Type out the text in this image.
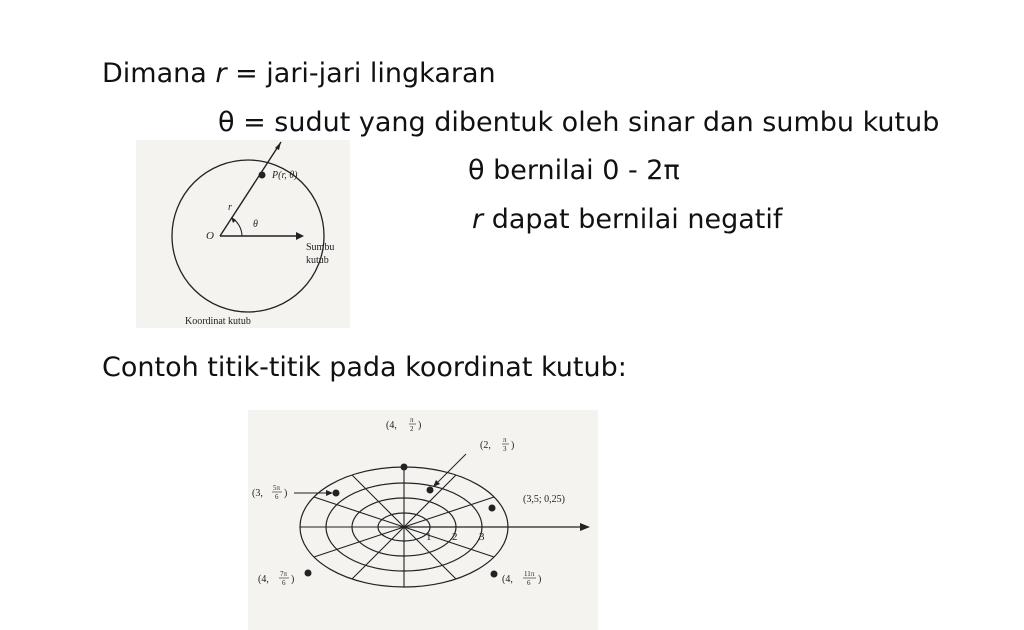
Dimana r = jari-jari lingkaran
θ = sudut yang dibentuk oleh sinar dan sumbu kutub
θ bernilai 0 - 2π
r dapat bernilai negatif
Contoh titik-titik pada koordinat kutub:
P(r, θ)
O
r
θ
Sumbu
kutub
Koordinat kutub
1 2 3
(4, π
2 )
(2, π
3 )
(3, 5π
6 )
(3,5; 0,25)
(4, 7π
6 )	(4, 11π
6 )
